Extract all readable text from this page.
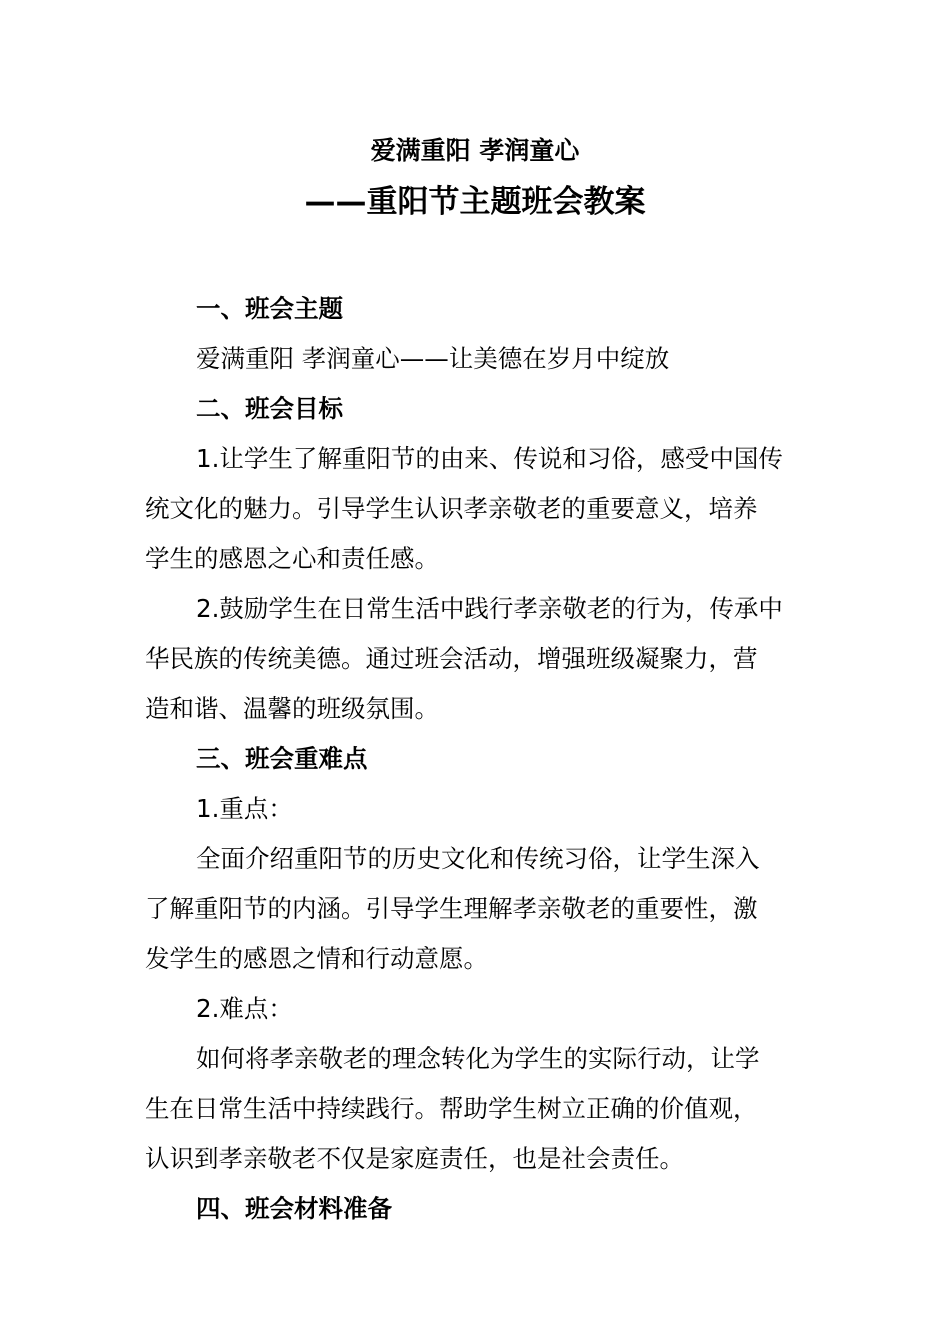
爱满重阳 孝润童心
——重阳节主题班会教案
一、班会主题
爱满重阳 孝润童心——让美德在岁月中绽放
二、班会目标
1.让学生了解重阳节的由来、传说和习俗，感受中国传
统文化的魅力。引导学生认识孝亲敬老的重要意义，培养
学生的感恩之心和责任感。
2.鼓励学生在日常生活中践行孝亲敬老的行为，传承中
华民族的传统美德。通过班会活动，增强班级凝聚力，营
造和谐、温馨的班级氛围。
三、班会重难点
1.重点：
全面介绍重阳节的历史文化和传统习俗，让学生深入
了解重阳节的内涵。引导学生理解孝亲敬老的重要性，激
发学生的感恩之情和行动意愿。
2.难点：
如何将孝亲敬老的理念转化为学生的实际行动，让学
生在日常生活中持续践行。帮助学生树立正确的价值观，
认识到孝亲敬老不仅是家庭责任，也是社会责任。
四、班会材料准备
